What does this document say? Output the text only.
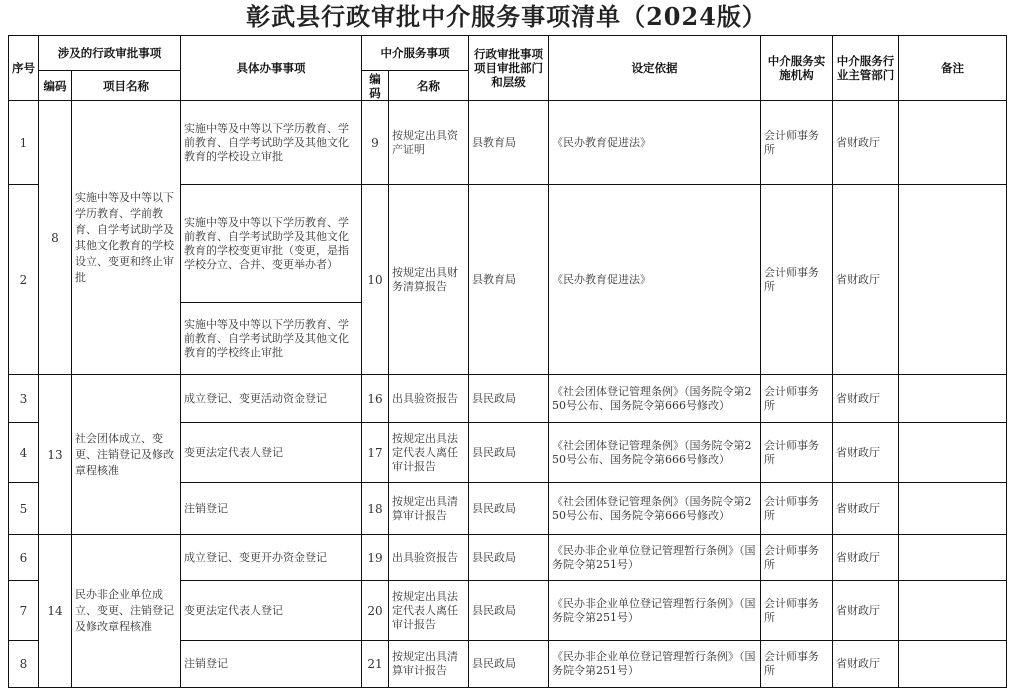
彰武县行政审批中介服务事项清单（2024版）
序号	涉及的行政审批事项		具体办事事项	中介服务事项		行政审批事项项目审批部门和层级	设定依据	中介服务实施机构	中介服务行业主管部门	备注
	编码	项目名称		编码	名称					
1	8	实施中等及中等以下学历教育、学前教育、自学考试助学及其他文化教育的学校设立、变更和终止审批	实施中等及中等以下学历教育、学前教育、自学考试助学及其他文化教育的学校设立审批	9	按规定出具资产证明	县教育局	《民办教育促进法》	会计师事务所	省财政厅	
2			实施中等及中等以下学历教育、学前教育、自学考试助学及其他文化教育的学校变更审批（变更，是指学校分立、合并、变更举办者）	10	按规定出具财务清算报告	县教育局	《民办教育促进法》	会计师事务所	省财政厅	
			实施中等及中等以下学历教育、学前教育、自学考试助学及其他文化教育的学校终止审批							
3	13	社会团体成立、变更、注销登记及修改章程核准	成立登记、变更活动资金登记	16	出具验资报告	县民政局	《社会团体登记管理条例》（国务院令第250号公布、国务院令第666号修改）	会计师事务所	省财政厅	
4			变更法定代表人登记	17	按规定出具法定代表人离任审计报告	县民政局	《社会团体登记管理条例》（国务院令第250号公布、国务院令第666号修改）	会计师事务所	省财政厅	
5			注销登记	18	按规定出具清算审计报告	县民政局	《社会团体登记管理条例》（国务院令第250号公布、国务院令第666号修改）	会计师事务所	省财政厅	
6	14	民办非企业单位成立、变更、注销登记及修改章程核准	成立登记、变更开办资金登记	19	出具验资报告	县民政局	《民办非企业单位登记管理暂行条例》（国务院令第251号）	会计师事务所	省财政厅	
7			变更法定代表人登记	20	按规定出具法定代表人离任审计报告	县民政局	《民办非企业单位登记管理暂行条例》（国务院令第251号）	会计师事务所	省财政厅	
8			注销登记	21	按规定出具清算审计报告	县民政局	《民办非企业单位登记管理暂行条例》（国务院令第251号）	会计师事务所	省财政厅	
